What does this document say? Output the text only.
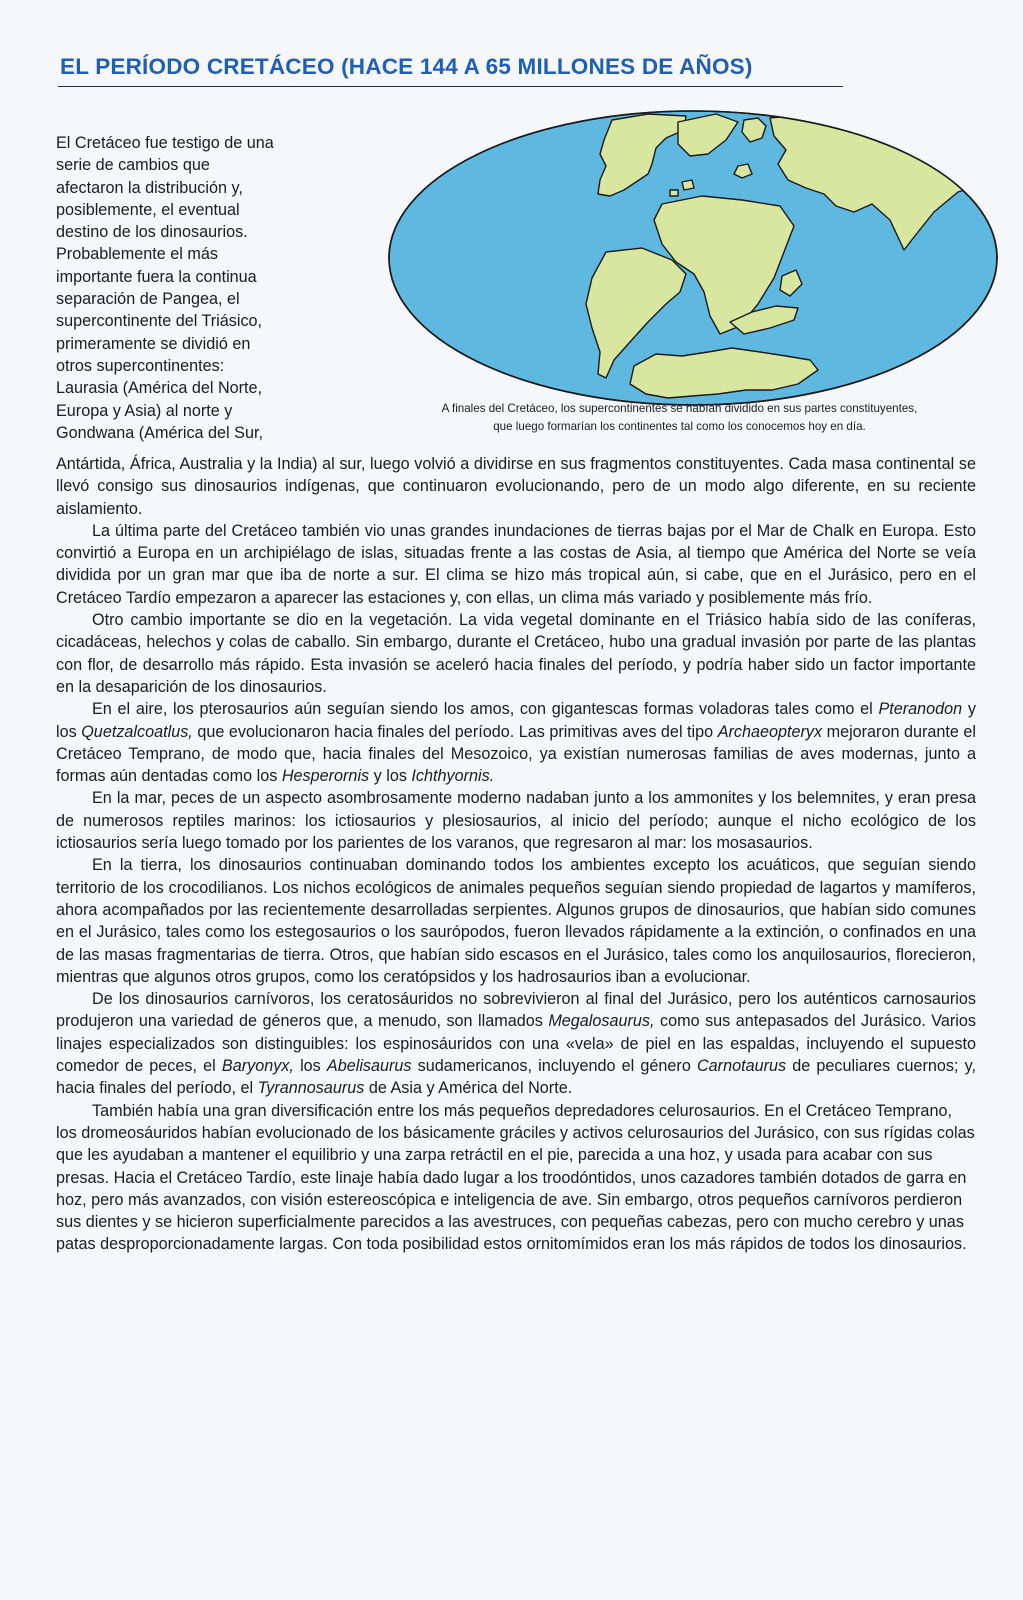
EL PERÍODO CRETÁCEO (HACE 144 A 65 MILLONES DE AÑOS)
A finales del Cretáceo, los supercontinentes se habían dividido en sus partes constituyentes,
que luego formarían los continentes tal como los conocemos hoy en día.
El Cretáceo fue testigo de una
serie de cambios que
afectaron la distribución y,
posiblemente, el eventual
destino de los dinosaurios.
Probablemente el más
importante fuera la continua
separación de Pangea, el
supercontinente del Triásico,
primeramente se dividió en
otros supercontinentes:
Laurasia (América del Norte,
Europa y Asia) al norte y
Gondwana (América del Sur,

Antártida, África, Australia y la India) al sur, luego volvió a dividirse en sus fragmentos constituyentes. Cada masa continental se llevó consigo sus dinosaurios indígenas, que continuaron evolucionando, pero de un modo algo diferente, en su reciente aislamiento.

La última parte del Cretáceo también vio unas grandes inundaciones de tierras bajas por el Mar de Chalk en Europa. Esto convirtió a Europa en un archipiélago de islas, situadas frente a las costas de Asia, al tiempo que América del Norte se veía dividida por un gran mar que iba de norte a sur. El clima se hizo más tropical aún, si cabe, que en el Jurásico, pero en el Cretáceo Tardío empezaron a aparecer las estaciones y, con ellas, un clima más variado y posiblemente más frío.

Otro cambio importante se dio en la vegetación. La vida vegetal dominante en el Triásico había sido de las coníferas, cicadáceas, helechos y colas de caballo. Sin embargo, durante el Cretáceo, hubo una gradual invasión por parte de las plantas con flor, de desarrollo más rápido. Esta invasión se aceleró hacia finales del período, y podría haber sido un factor importante en la desaparición de los dinosaurios.

En el aire, los pterosaurios aún seguían siendo los amos, con gigantescas formas voladoras tales como el Pteranodon y los Quetzalcoatlus, que evolucionaron hacia finales del período. Las primitivas aves del tipo Archaeopteryx mejoraron durante el Cretáceo Temprano, de modo que, hacia finales del Mesozoico, ya existían numerosas familias de aves modernas, junto a formas aún dentadas como los Hesperornis y los Ichthyornis.

En la mar, peces de un aspecto asombrosamente moderno nadaban junto a los ammonites y los belemnites, y eran presa de numerosos reptiles marinos: los ictiosaurios y plesiosaurios, al inicio del período; aunque el nicho ecológico de los ictiosaurios sería luego tomado por los parientes de los varanos, que regresaron al mar: los mosasaurios.

En la tierra, los dinosaurios continuaban dominando todos los ambientes excepto los acuáticos, que seguían siendo territorio de los crocodilianos. Los nichos ecológicos de animales pequeños seguían siendo propiedad de lagartos y mamíferos, ahora acompañados por las recientemente desarrolladas serpientes. Algunos grupos de dinosaurios, que habían sido comunes en el Jurásico, tales como los estegosaurios o los saurópodos, fueron llevados rápidamente a la extinción, o confinados en una de las masas fragmentarias de tierra. Otros, que habían sido escasos en el Jurásico, tales como los anquilosaurios, florecieron, mientras que algunos otros grupos, como los ceratópsidos y los hadrosaurios iban a evolucionar.

De los dinosaurios carnívoros, los ceratosáuridos no sobrevivieron al final del Jurásico, pero los auténticos carnosaurios produjeron una variedad de géneros que, a menudo, son llamados Megalosaurus, como sus antepasados del Jurásico. Varios linajes especializados son distinguibles: los espinosáuridos con una «vela» de piel en las espaldas, incluyendo el supuesto comedor de peces, el Baryonyx, los Abelisaurus sudamericanos, incluyendo el género Carnotaurus de peculiares cuernos; y, hacia finales del período, el Tyrannosaurus de Asia y América del Norte.

También había una gran diversificación entre los más pequeños depredadores celurosaurios. En el Cretáceo Temprano, los dromeosáuridos habían evolucionado de los básicamente gráciles y activos celurosaurios del Jurásico, con sus rígidas colas que les ayudaban a mantener el equilibrio y una zarpa retráctil en el pie, parecida a una hoz, y usada para acabar con sus presas. Hacia el Cretáceo Tardío, este linaje había dado lugar a los troodóntidos, unos cazadores también dotados de garra en hoz, pero más avanzados, con visión estereoscópica e inteligencia de ave. Sin embargo, otros pequeños carnívoros perdieron sus dientes y se hicieron superficialmente parecidos a las avestruces, con pequeñas cabezas, pero con mucho cerebro y unas patas desproporcionadamente largas. Con toda posibilidad estos ornitomímidos eran los más rápidos de todos los dinosaurios.
